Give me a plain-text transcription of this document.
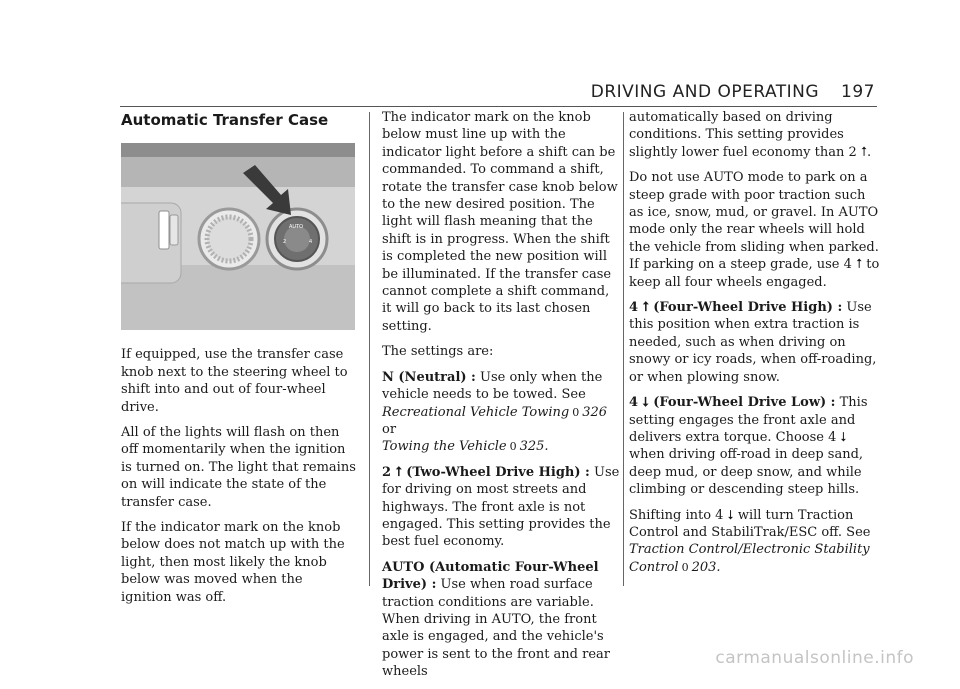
DRIVING AND OPERATING 197
Automatic Transfer Case
AUTO
2	4

If equipped, use the transfer case knob next to the steering wheel to shift into and out of four-wheel drive.

All of the lights will flash on then off momentarily when the ignition is turned on. The light that remains on will indicate the state of the transfer case.

If the indicator mark on the knob below does not match up with the light, then most likely the knob below was moved when the ignition was off.

The indicator mark on the knob below must line up with the indicator light before a shift can be commanded. To command a shift, rotate the transfer case knob below to the new desired position. The light will flash meaning that the shift is in progress. When the shift is completed the new position will be illuminated. If the transfer case cannot complete a shift command, it will go back to its last chosen setting.

The settings are:

N (Neutral) : Use only when the vehicle needs to be towed. See
Recreational Vehicle Towing 0 326 or
Towing the Vehicle 0 325.

2 ⭡ (Two-Wheel Drive High) : Use for driving on most streets and highways. The front axle is not engaged. This setting provides the best fuel economy.

AUTO (Automatic Four-Wheel Drive) : Use when road surface traction conditions are variable. When driving in AUTO, the front axle is engaged, and the vehicle's power is sent to the front and rear wheels

automatically based on driving conditions. This setting provides slightly lower fuel economy than 2 ⭡.

Do not use AUTO mode to park on a steep grade with poor traction such as ice, snow, mud, or gravel. In AUTO mode only the rear wheels will hold the vehicle from sliding when parked. If parking on a steep grade, use 4 ⭡ to keep all four wheels engaged.

4 ⭡ (Four-Wheel Drive High) : Use this position when extra traction is needed, such as when driving on snowy or icy roads, when off-roading, or when plowing snow.

4 ⭣ (Four-Wheel Drive Low) : This setting engages the front axle and delivers extra torque. Choose 4 ⭣ when driving off-road in deep sand, deep mud, or deep snow, and while climbing or descending steep hills.

Shifting into 4 ⭣ will turn Traction Control and StabiliTrak/ESC off. See
Traction Control/Electronic Stability Control 0 203.

carmanualsonline.info
